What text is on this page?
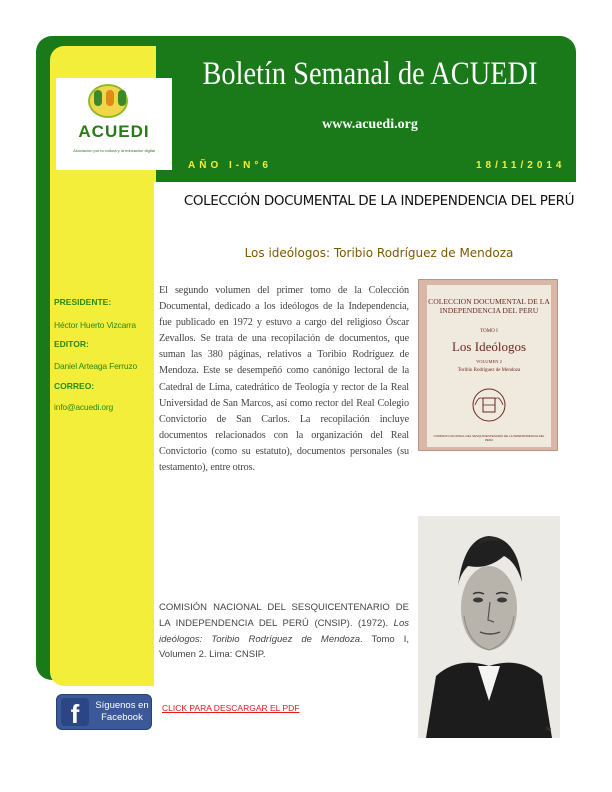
ACUEDI
Asociación por la cultura y la educación digital
Boletín Semanal de ACUEDI
www.acuedi.org
AÑO I-N°6	18/11/2014
COLECCIÓN DOCUMENTAL DE LA INDEPENDENCIA DEL PERÚ
Los ideólogos: Toribio Rodríguez de Mendoza
PRESIDENTE:
Héctor Huerto Vizcarra
EDITOR:
Daniel Arteaga Ferruzo
CORREO:
info@acuedi.org
El segundo volumen del primer tomo de la Colección Documental, dedicado a los ideólogos de la Independencia, fue publicado en 1972 y estuvo a cargo del religioso Óscar Zevallos. Se trata de una recopilación de documentos, que suman las 380 páginas, relativos a Toribio Rodríguez de Mendoza. Este se desempeñó como canónigo lectoral de la Catedral de Lima, catedrático de Teología y rector de la Real Universidad de San Marcos, así como rector del Real Colegio Convictorio de San Carlos. La recopilación incluye documentos relacionados con la organización del Real Convictorio (como su estatuto), documentos personales (su testamento), entre otros.
COLECCION DOCUMENTAL DE LA INDEPENDENCIA DEL PERU
TOMO I
Los Ideólogos
VOLUMEN 2
Toribio Rodríguez de Mendoza
COMISION NACIONAL DEL SESQUICENTENARIO DE LA INDEPENDENCIA DEL PERU
Sp
COMISIÓN NACIONAL DEL SESQUICENTENARIO DE LA INDEPENDENCIA DEL PERÚ (CNSIP). (1972). Los ideólogos: Toribio Rodríguez de Mendoza. Tomo I, Volumen 2. Lima: CNSIP.
f	Síguenos en Facebook
CLICK PARA DESCARGAR EL PDF
